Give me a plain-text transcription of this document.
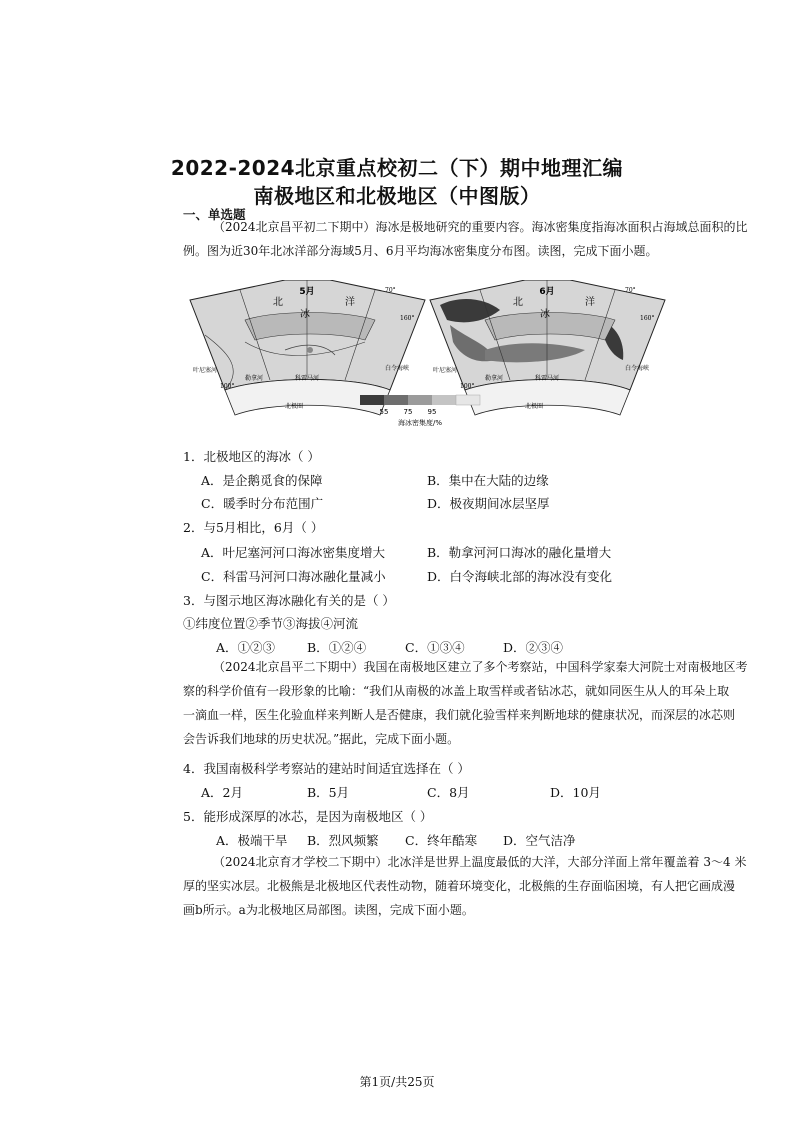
2022-2024北京重点校初二（下）期中地理汇编
南极地区和北极地区（中图版）
一、单选题
（2024北京昌平初二下期中）海冰是极地研究的重要内容。海冰密集度指海冰面积占海域总面积的比
例。图为近30年北冰洋部分海域5月、6月平均海冰密集度分布图。读图，完成下面小题。
5月	6月
北
冰
洋	北
冰
洋
叶尼塞河
勒拿河	科雷马河
白令海峡
160°
100°
70°
北极圈
叶尼塞河
勒拿河	科雷马河
白令海峡
160°
100°
70°
北极圈
55 75 95
海冰密集度/%
1．北极地区的海冰（ ）
A．是企鹅觅食的保障	B．集中在大陆的边缘
C．暖季时分布范围广	D．极夜期间冰层坚厚
2．与5月相比，6月（ ）
A．叶尼塞河河口海冰密集度增大	B．勒拿河河口海冰的融化量增大
C．科雷马河河口海冰融化量减小	D．白令海峡北部的海冰没有变化
3．与图示地区海冰融化有关的是（ ）
①纬度位置②季节③海拔④河流
A．①②③	B．①②④	C．①③④	D．②③④
（2024北京昌平二下期中）我国在南极地区建立了多个考察站，中国科学家秦大河院士对南极地区考
察的科学价值有一段形象的比喻：“我们从南极的冰盖上取雪样或者钻冰芯，就如同医生从人的耳朵上取
一滴血一样，医生化验血样来判断人是否健康，我们就化验雪样来判断地球的健康状况，而深层的冰芯则
会告诉我们地球的历史状况。”据此，完成下面小题。
4．我国南极科学考察站的建站时间适宜选择在（ ）
A．2月	B．5月	C．8月	D．10月
5．能形成深厚的冰芯，是因为南极地区（ ）
A．极端干旱 B．烈风频繁 C．终年酷寒 D．空气洁净
（2024北京育才学校二下期中）北冰洋是世界上温度最低的大洋，大部分洋面上常年覆盖着 3～4 米
厚的坚实冰层。北极熊是北极地区代表性动物，随着环境变化，北极熊的生存面临困境，有人把它画成漫
画b所示。a为北极地区局部图。读图，完成下面小题。
第1页/共25页
